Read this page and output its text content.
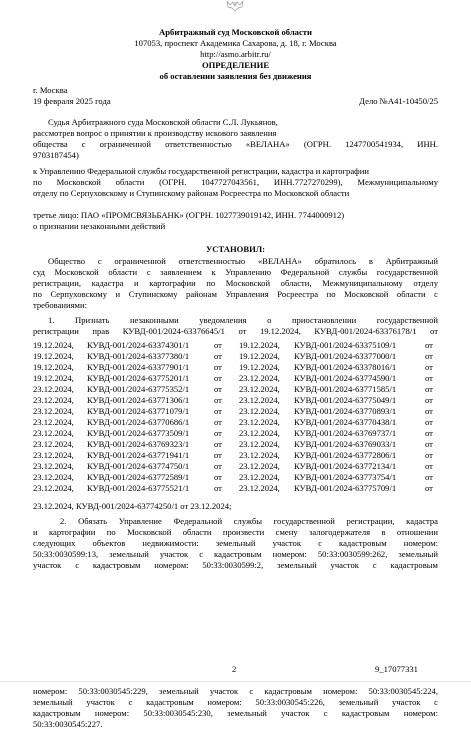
Арбитражный суд Московской области
107053, проспект Академика Сахарова, д. 18, г. Москва
http://asmo.arbitr.ru/
ОПРЕДЕЛЕНИЕ
об оставлении заявления без движения
г. Москва
19 февраля 2025 года	Дело №А41-10450/25
Судья Арбитражного суда Московской области С.Л. Лукьянов,
рассмотрев вопрос о принятии к производству искового заявления
общества с ограниченной ответственностью «ВЕЛАНА» (ОГРН. 1247700541934, ИНН.
9703187454)
к Управлению Федеральной службы государственной регистрации, кадастра и картографии
по Московской области (ОГРН. 1047727043561, ИНН.7727270299), Межмуниципальному
отделу по Серпуховскому и Ступинскому районам Росреестра по Московской области
третье лицо: ПАО «ПРОМСВЯЗЬБАНК» (ОГРН. 1027739019142, ИНН. 7744000912)
о признании незаконными действий
УСТАНОВИЛ:
Общество с ограниченной ответственностью «ВЕЛАНА» обратилось в Арбитражный
суд Московской области с заявлением к Управлению Федеральной службы государственной
регистрации, кадастра и картографии по Московской области, Межмуниципальному отделу
по Серпуховскому и Ступинскому районам Управления Росреестра по Московской области с
требованиями:
1. Признать незаконными уведомления о приостановлении государственной
регистрации прав КУВД-001/2024-63376645/1 от 19.12.2024, КУВД-001/2024-63376178/1 от
19.12.2024, КУВД-001/2024-63374301/1	от 19.12.2024, КУВД-001/2024-63375109/1	от
19.12.2024, КУВД-001/2024-63377380/1	от 19.12.2024, КУВД-001/2024-63377000/1	от
19.12.2024, КУВД-001/2024-63377901/1	от 19.12.2024, КУВД-001/2024-63378016/1	от
19.12.2024, КУВД-001/2024-63775201/1	от 23.12.2024, КУВД-001/2024-63774590/1	от
23.12.2024, КУВД-001/2024-63775352/1	от 23.12.2024, КУВД-001/2024-63771585/1	от
23.12.2024, КУВД-001/2024-63771306/1	от 23.12.2024, КУВД-001/2024-63775049/1	от
23.12.2024, КУВД-001/2024-63771079/1	от 23.12.2024, КУВД-001/2024-63770893/1	от
23.12.2024, КУВД-001/2024-63770686/1	от 23.12.2024, КУВД-001/2024-63770438/1	от
23.12.2024, КУВД-001/2024-63773509/1	от 23.12.2024, КУВД-001/2024-63769737/1	от
23.12.2024, КУВД-001/2024-63769323/1	от 23.12.2024, КУВД-001/2024-63769033/1	от
23.12.2024, КУВД-001/2024-63771941/1	от 23.12.2024, КУВД-001/2024-63772806/1	от
23.12.2024, КУВД-001/2024-63774750/1	от 23.12.2024, КУВД-001/2024-63772134/1	от
23.12.2024, КУВД-001/2024-63772589/1	от 23.12.2024, КУВД-001/2024-63773754/1	от
23.12.2024, КУВД-001/2024-63775521/1	от 23.12.2024, КУВД-001/2024-63775709/1	от
23.12.2024, КУВД-001/2024-63774250/1 от 23.12.2024;
2. Обязать Управление Федеральной службы государственной регистрации, кадастра
и картографии по Московской области произвести смену залогодержателя в отношении
следующих объектов недвижимости: земельный участок с кадастровым номером:
50:33:0030599:13, земельный участок с кадастровым номером: 50:33:0030599:262, земельный
участок с кадастровым номером: 50:33:0030599:2, земельный участок с кадастровым
2	9_17077331
номером: 50:33:0030545:229, земельный участок с кадастровым номером: 50:33:0030545:224,
земельный участок с кадастровым номером: 50:33:0030545:226, земельный участок с
кадастровым номером: 50:33:0030545:230, земельный участок с кадастровым номером:
50:33:0030545:227.
